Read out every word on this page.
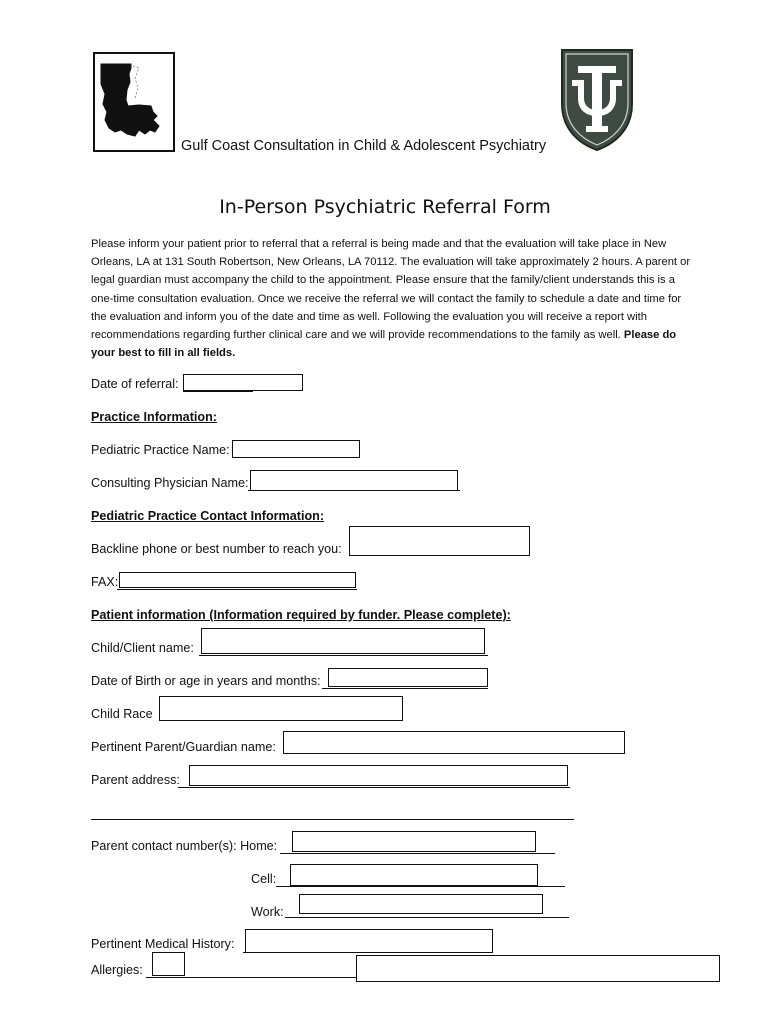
Gulf Coast Consultation in Child & Adolescent Psychiatry
In-Person Psychiatric Referral Form
Please inform your patient prior to referral that a referral is being made and that the evaluation will take place in New Orleans, LA at 131 South Robertson, New Orleans, LA 70112. The evaluation will take approximately 2 hours. A parent or legal guardian must accompany the child to the appointment. Please ensure that the family/client understands this is a one-time consultation evaluation. Once we receive the referral we will contact the family to schedule a date and time for the evaluation and inform you of the date and time as well. Following the evaluation you will receive a report with recommendations regarding further clinical care and we will provide recommendations to the family as well. Please do your best to fill in all fields.
Date of referral:
Practice Information:
Pediatric Practice Name:
Consulting Physician Name:
Pediatric Practice Contact Information:
Backline phone or best number to reach you:
FAX:
Patient information (Information required by funder. Please complete):
Child/Client name:
Date of Birth or age in years and months:
Child Race
Pertinent Parent/Guardian name:
Parent address:
Parent contact number(s): Home:
Cell:
Work:
Pertinent Medical History:
Allergies:
